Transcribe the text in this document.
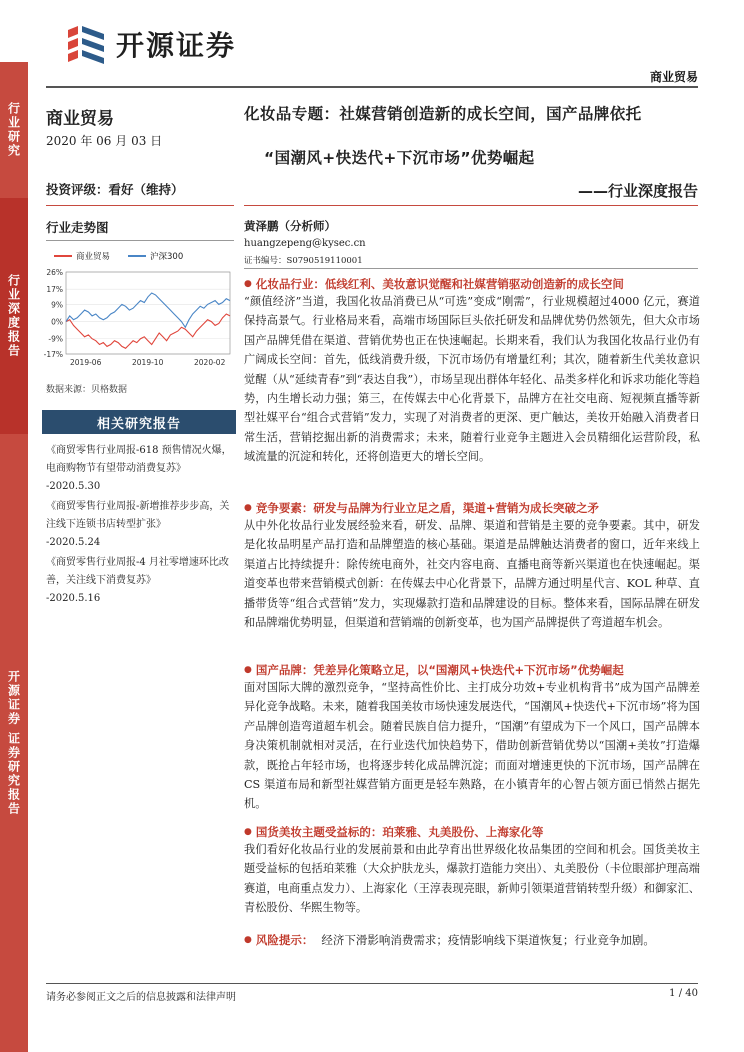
开源证券
商业贸易
行业研究
行业深度报告
开源证券 证券研究报告
商业贸易
2020 年 06 月 03 日
投资评级：看好（维持）
行业走势图
商业贸易	沪深300
26%
17%
9%
0%
-9%
-17%
2019-06	2019-10	2020-02
数据来源：贝格数据
相关研究报告
《商贸零售行业周报-618 预售情况火爆，电商购物节有望带动消费复苏》
-2020.5.30
《商贸零售行业周报-新增推荐步步高，关注线下连锁书店转型扩张》
-2020.5.24
《商贸零售行业周报-4 月社零增速环比改善，关注线下消费复苏》
-2020.5.16
化妆品专题：社媒营销创造新的成长空间，国产品牌依托
“国潮风+快迭代+下沉市场”优势崛起
——行业深度报告
黄泽鹏（分析师）
huangzepeng@kysec.cn
证书编号：S0790519110001
● 化妆品行业：低线红利、美妆意识觉醒和社媒营销驱动创造新的成长空间
“颜值经济”当道，我国化妆品消费已从“可选”变成“刚需”，行业规模超过4000 亿元，赛道保持高景气。行业格局来看，高端市场国际巨头依托研发和品牌优势仍然领先，但大众市场国产品牌凭借在渠道、营销优势也正在快速崛起。长期来看，我们认为我国化妆品行业仍有广阔成长空间：首先，低线消费升级，下沉市场仍有增量红利；其次，随着新生代美妆意识觉醒（从“延续青春”到“表达自我”），市场呈现出群体年轻化、品类多样化和诉求功能化等趋势，内生增长动力强；第三，在传媒去中心化背景下，品牌方在社交电商、短视频直播等新型社媒平台“组合式营销”发力，实现了对消费者的更深、更广触达，美妆开始融入消费者日常生活，营销挖掘出新的消费需求；未来，随着行业竞争主题进入会员精细化运营阶段，私域流量的沉淀和转化，还将创造更大的增长空间。
● 竞争要素：研发与品牌为行业立足之盾，渠道+营销为成长突破之矛
从中外化妆品行业发展经验来看，研发、品牌、渠道和营销是主要的竞争要素。其中，研发是化妆品明星产品打造和品牌塑造的核心基础。渠道是品牌触达消费者的窗口，近年来线上渠道占比持续提升：除传统电商外，社交内容电商、直播电商等新兴渠道也在快速崛起。渠道变革也带来营销模式创新：在传媒去中心化背景下，品牌方通过明星代言、KOL 种草、直播带货等“组合式营销”发力，实现爆款打造和品牌建设的目标。整体来看，国际品牌在研发和品牌端优势明显，但渠道和营销端的创新变革，也为国产品牌提供了弯道超车机会。
● 国产品牌：凭差异化策略立足，以“国潮风+快迭代+下沉市场”优势崛起
面对国际大牌的激烈竞争，“坚持高性价比、主打成分功效+专业机构背书”成为国产品牌差异化竞争战略。未来，随着我国美妆市场快速发展迭代，“国潮风+快迭代+下沉市场”将为国产品牌创造弯道超车机会。随着民族自信力提升，“国潮”有望成为下一个风口，国产品牌本身决策机制就相对灵活，在行业迭代加快趋势下，借助创新营销优势以“国潮+美妆”打造爆款，既抢占年轻市场，也将逐步转化成品牌沉淀；而面对增速更快的下沉市场，国产品牌在 CS 渠道布局和新型社媒营销方面更是轻车熟路，在小镇青年的心智占领方面已悄然占据先机。
● 国货美妆主题受益标的：珀莱雅、丸美股份、上海家化等
我们看好化妆品行业的发展前景和由此孕育出世界级化妆品集团的空间和机会。国货美妆主题受益标的包括珀莱雅（大众护肤龙头，爆款打造能力突出）、丸美股份（卡位眼部护理高端赛道，电商重点发力）、上海家化（王淳表现亮眼，新帅引领渠道营销转型升级）和御家汇、青松股份、华熙生物等。
● 风险提示： 经济下滑影响消费需求；疫情影响线下渠道恢复；行业竞争加剧。
请务必参阅正文之后的信息披露和法律声明	1 / 40
